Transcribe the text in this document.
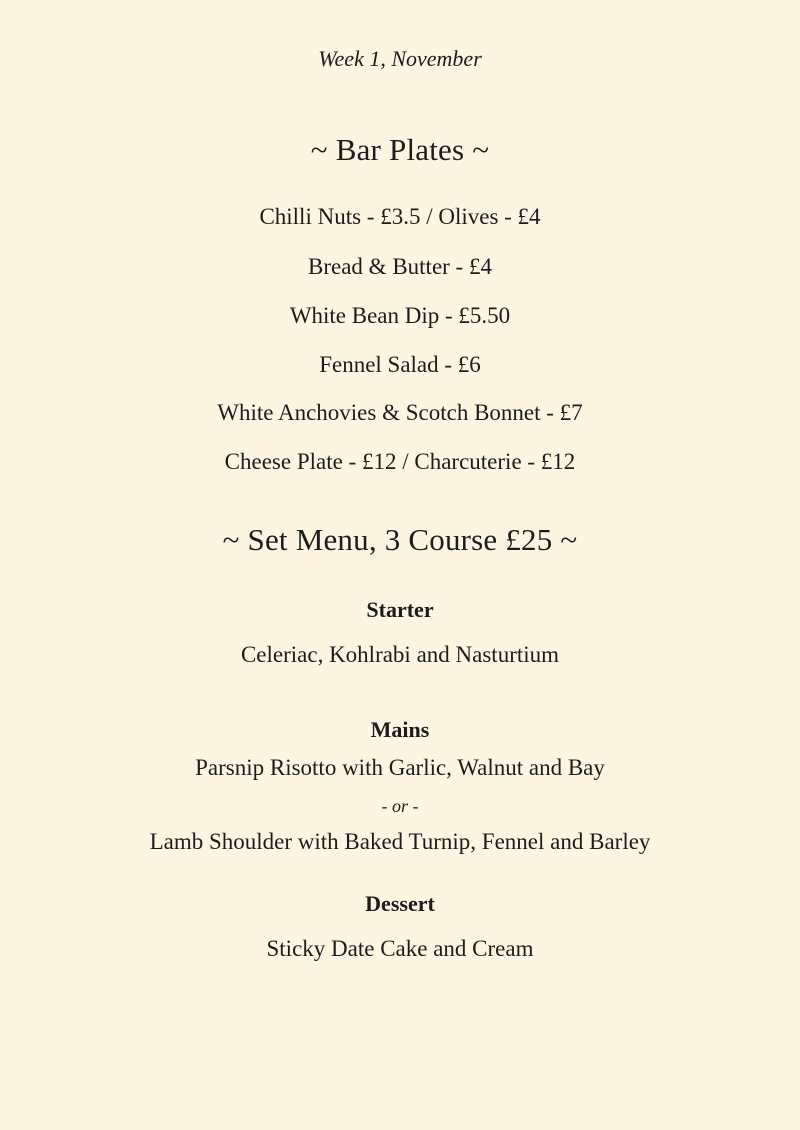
Week 1, November
~ Bar Plates ~
Chilli Nuts - £3.5 / Olives - £4
Bread & Butter - £4
White Bean Dip - £5.50
Fennel Salad - £6
White Anchovies & Scotch Bonnet - £7
Cheese Plate - £12 / Charcuterie - £12
~ Set Menu, 3 Course £25 ~
Starter
Celeriac, Kohlrabi and Nasturtium
Mains
Parsnip Risotto with Garlic, Walnut and Bay
- or -
Lamb Shoulder with Baked Turnip, Fennel and Barley
Dessert
Sticky Date Cake and Cream
